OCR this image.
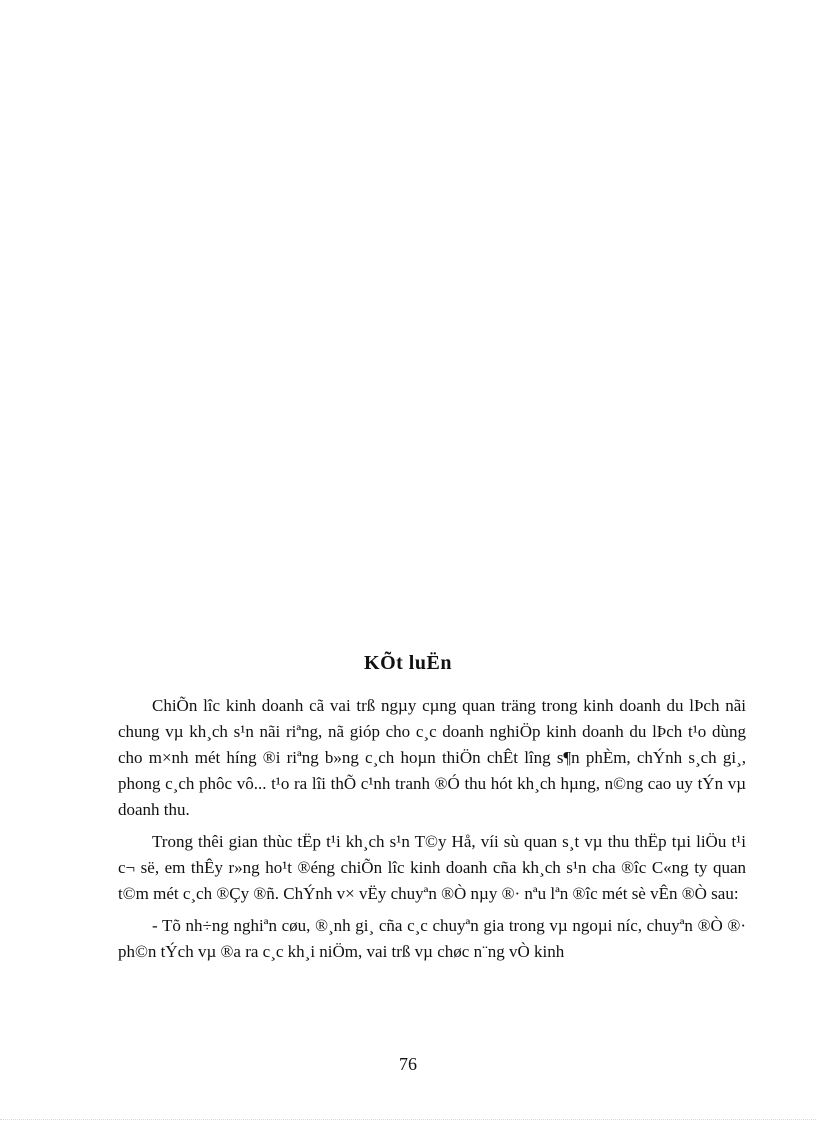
KÕt luËn

ChiÕn lîc kinh doanh cã vai trß ngµy cµng quan träng trong kinh doanh du lÞch nãi chung vµ kh¸ch s¹n nãi riªng, nã gióp cho c¸c doanh nghiÖp kinh doanh du lÞch t¹o dùng cho m×nh mét híng ®i riªng b»ng c¸ch hoµn thiÖn chÊt lîng s¶n phÈm, chÝnh s¸ch gi¸, phong c¸ch phôc vô... t¹o ra lîi thÕ c¹nh tranh ®Ó thu hót kh¸ch hµng, n©ng cao uy tÝn vµ doanh thu.

Trong thêi gian thùc tËp t¹i kh¸ch s¹n T©y Hå, víi sù quan s¸t vµ thu thËp tµi liÖu t¹i c¬ së, em thÊy r»ng ho¹t ®éng chiÕn lîc kinh doanh cña kh¸ch s¹n cha ®îc C«ng ty quan t©m mét c¸ch ®Çy ®ñ. ChÝnh v× vËy chuyªn ®Ò nµy ®· nªu lªn ®îc mét sè vÊn ®Ò sau:

- Tõ nh÷ng nghiªn cøu, ®¸nh gi¸ cña c¸c chuyªn gia trong vµ ngoµi níc, chuyªn ®Ò ®· ph©n tÝch vµ ®a ra c¸c kh¸i niÖm, vai trß vµ chøc n¨ng vÒ kinh

76
